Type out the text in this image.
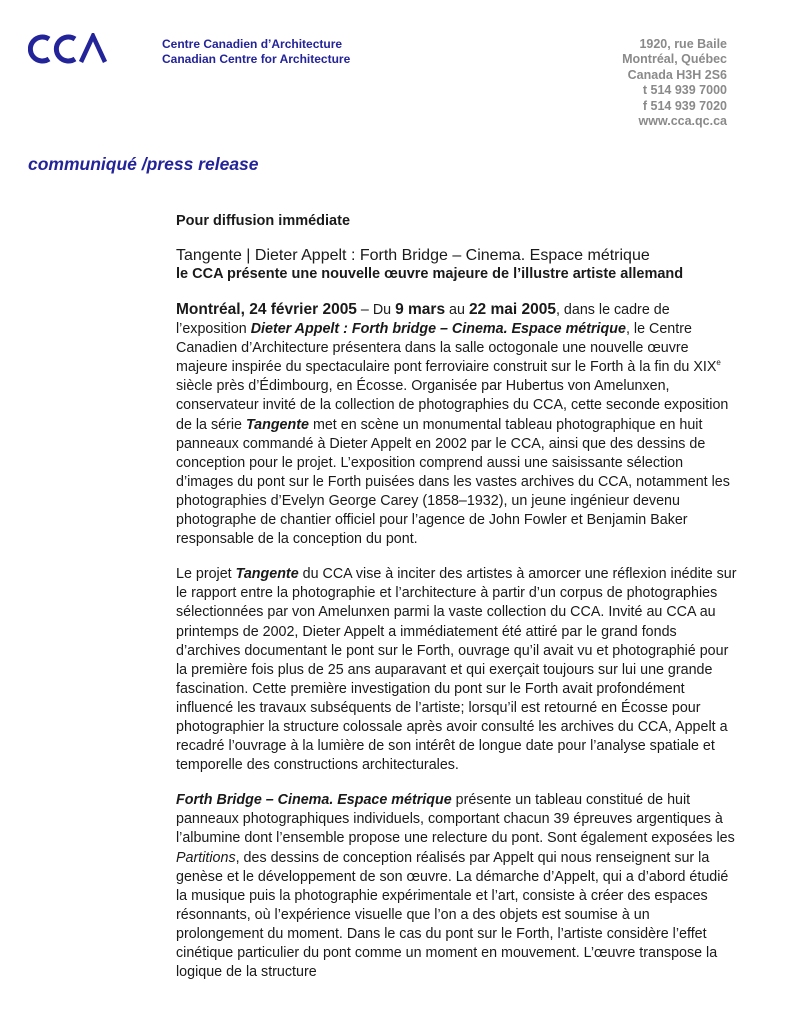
Centre Canadien d’Architecture
Canadian Centre for Architecture
1920, rue Baile
Montréal, Québec
Canada H3H 2S6
t 514 939 7000
f 514 939 7020
www.cca.qc.ca
communiqué /press release
Pour diffusion immédiate
Tangente | Dieter Appelt : Forth Bridge – Cinema. Espace métrique
le CCA présente une nouvelle œuvre majeure de l’illustre artiste allemand

Montréal, 24 février 2005 – Du 9 mars au 22 mai 2005, dans le cadre de l’exposition Dieter Appelt : Forth bridge – Cinema. Espace métrique, le Centre Canadien d’Architecture présentera dans la salle octogonale une nouvelle œuvre majeure inspirée du spectaculaire pont ferroviaire construit sur le Forth à la fin du XIXe siècle près d’Édimbourg, en Écosse. Organisée par Hubertus von Amelunxen, conservateur invité de la collection de photographies du CCA, cette seconde exposition de la série Tangente met en scène un monumental tableau photographique en huit panneaux commandé à Dieter Appelt en 2002 par le CCA, ainsi que des dessins de conception pour le projet. L’exposition comprend aussi une saisissante sélection d’images du pont sur le Forth puisées dans les vastes archives du CCA, notamment les photographies d’Evelyn George Carey (1858–1932), un jeune ingénieur devenu photographe de chantier officiel pour l’agence de John Fowler et Benjamin Baker responsable de la conception du pont.

Le projet Tangente du CCA vise à inciter des artistes à amorcer une réflexion inédite sur le rapport entre la photographie et l’architecture à partir d’un corpus de photographies sélectionnées par von Amelunxen parmi la vaste collection du CCA. Invité au CCA au printemps de 2002, Dieter Appelt a immédiatement été attiré par le grand fonds d’archives documentant le pont sur le Forth, ouvrage qu’il avait vu et photographié pour la première fois plus de 25 ans auparavant et qui exerçait toujours sur lui une grande fascination. Cette première investigation du pont sur le Forth avait profondément influencé les travaux subséquents de l’artiste; lorsqu’il est retourné en Écosse pour photographier la structure colossale après avoir consulté les archives du CCA, Appelt a recadré l’ouvrage à la lumière de son intérêt de longue date pour l’analyse spatiale et temporelle des constructions architecturales.

Forth Bridge – Cinema. Espace métrique présente un tableau constitué de huit panneaux photographiques individuels, comportant chacun 39 épreuves argentiques à l’albumine dont l’ensemble propose une relecture du pont. Sont également exposées les Partitions, des dessins de conception réalisés par Appelt qui nous renseignent sur la genèse et le développement de son œuvre. La démarche d’Appelt, qui a d’abord étudié la musique puis la photographie expérimentale et l’art, consiste à créer des espaces résonnants, où l’expérience visuelle que l’on a des objets est soumise à un prolongement du moment. Dans le cas du pont sur le Forth, l’artiste considère l’effet cinétique particulier du pont comme un moment en mouvement. L’œuvre transpose la logique de la structure
